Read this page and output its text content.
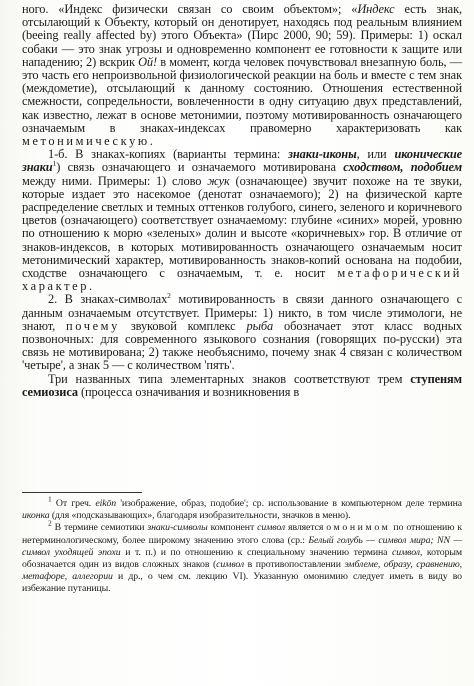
ного. «Индекс физически связан со своим объектом»; «Индекс есть знак, отсылающий к Объекту, который он денотирует, находясь под реальным влиянием (beeing really affected by) этого Объекта» (Пирс 2000, 90; 59). Примеры: 1) оскал собаки — это знак угрозы и одновременно компонент ее готовности к защите или нападению; 2) вскрик Oй! в момент, когда человек почувствовал внезапную боль, — это часть его непроизвольной физиологической реакции на боль и вместе с тем знак (междометие), отсылающий к данному состоянию. Отношения естественной смежности, сопредельности, вовлеченности в одну ситуацию двух представлений, как известно, лежат в основе метонимии, поэтому мотивированность означающего означаемым в знаках-индексах правомерно характеризовать как метонимическую.

1-б. В знаках-копиях (варианты термина: знаки-иконы, или иконические знаки$^1$) связь означающего и означаемого мотивирована сходством, подобием между ними. Примеры: 1) слово жук (означающее) звучит похоже на те звуки, которые издает это насекомое (денотат означаемого); 2) на физической карте распределение светлых и темных оттенков голубого, синего, зеленого и коричневого цветов (означающего) соответствует означаемому: глубине «синих» морей, уровню по отношению к морю «зеленых» долин и высоте «коричневых» гор. В отличие от знаков-индексов, в которых мотивированность означающего означаемым носит метонимический характер, мотивированность знаков-копий основана на подобии, сходстве означающего с означаемым, т. е. носит метафорический характер.

2. В знаках-символах$^2$ мотивированность в связи данного означающего с данным означаемым отсутствует. Примеры: 1) никто, в том числе этимологи, не знают, почему звуковой комплекс рыба обозначает этот класс водных позвоночных: для современного языкового сознания (говорящих по-русски) эта связь не мотивирована; 2) также необъяснимо, почему знак 4 связан с количеством 'четыре', а знак 5 — с количеством 'пять'.

Три названных типа элементарных знаков соответствуют трем ступеням семиозиса (процесса означивания и возникновения в

$^1$ От греч. eikōn 'изображение, образ, подобие'; ср. использование в компьютерном деле термина иконка (для «подсказывающих», благодаря изобразительности, значков в меню).

$^2$ В термине семиотики знаки-символы компонент символ является омонимом по отношению к нетерминологическому, более широкому значению этого слова (ср.: Белый голубь — символ мира; NN — символ уходящей эпохи и т. п.) и по отношению к специальному значению термина символ, которым обозначается один из видов сложных знаков (символ в противопоставлении эмблеме, образу, сравнению, метафоре, аллегории и др., о чем см. лекцию VI). Указанную омонимию следует иметь в виду во избежание путаницы.
